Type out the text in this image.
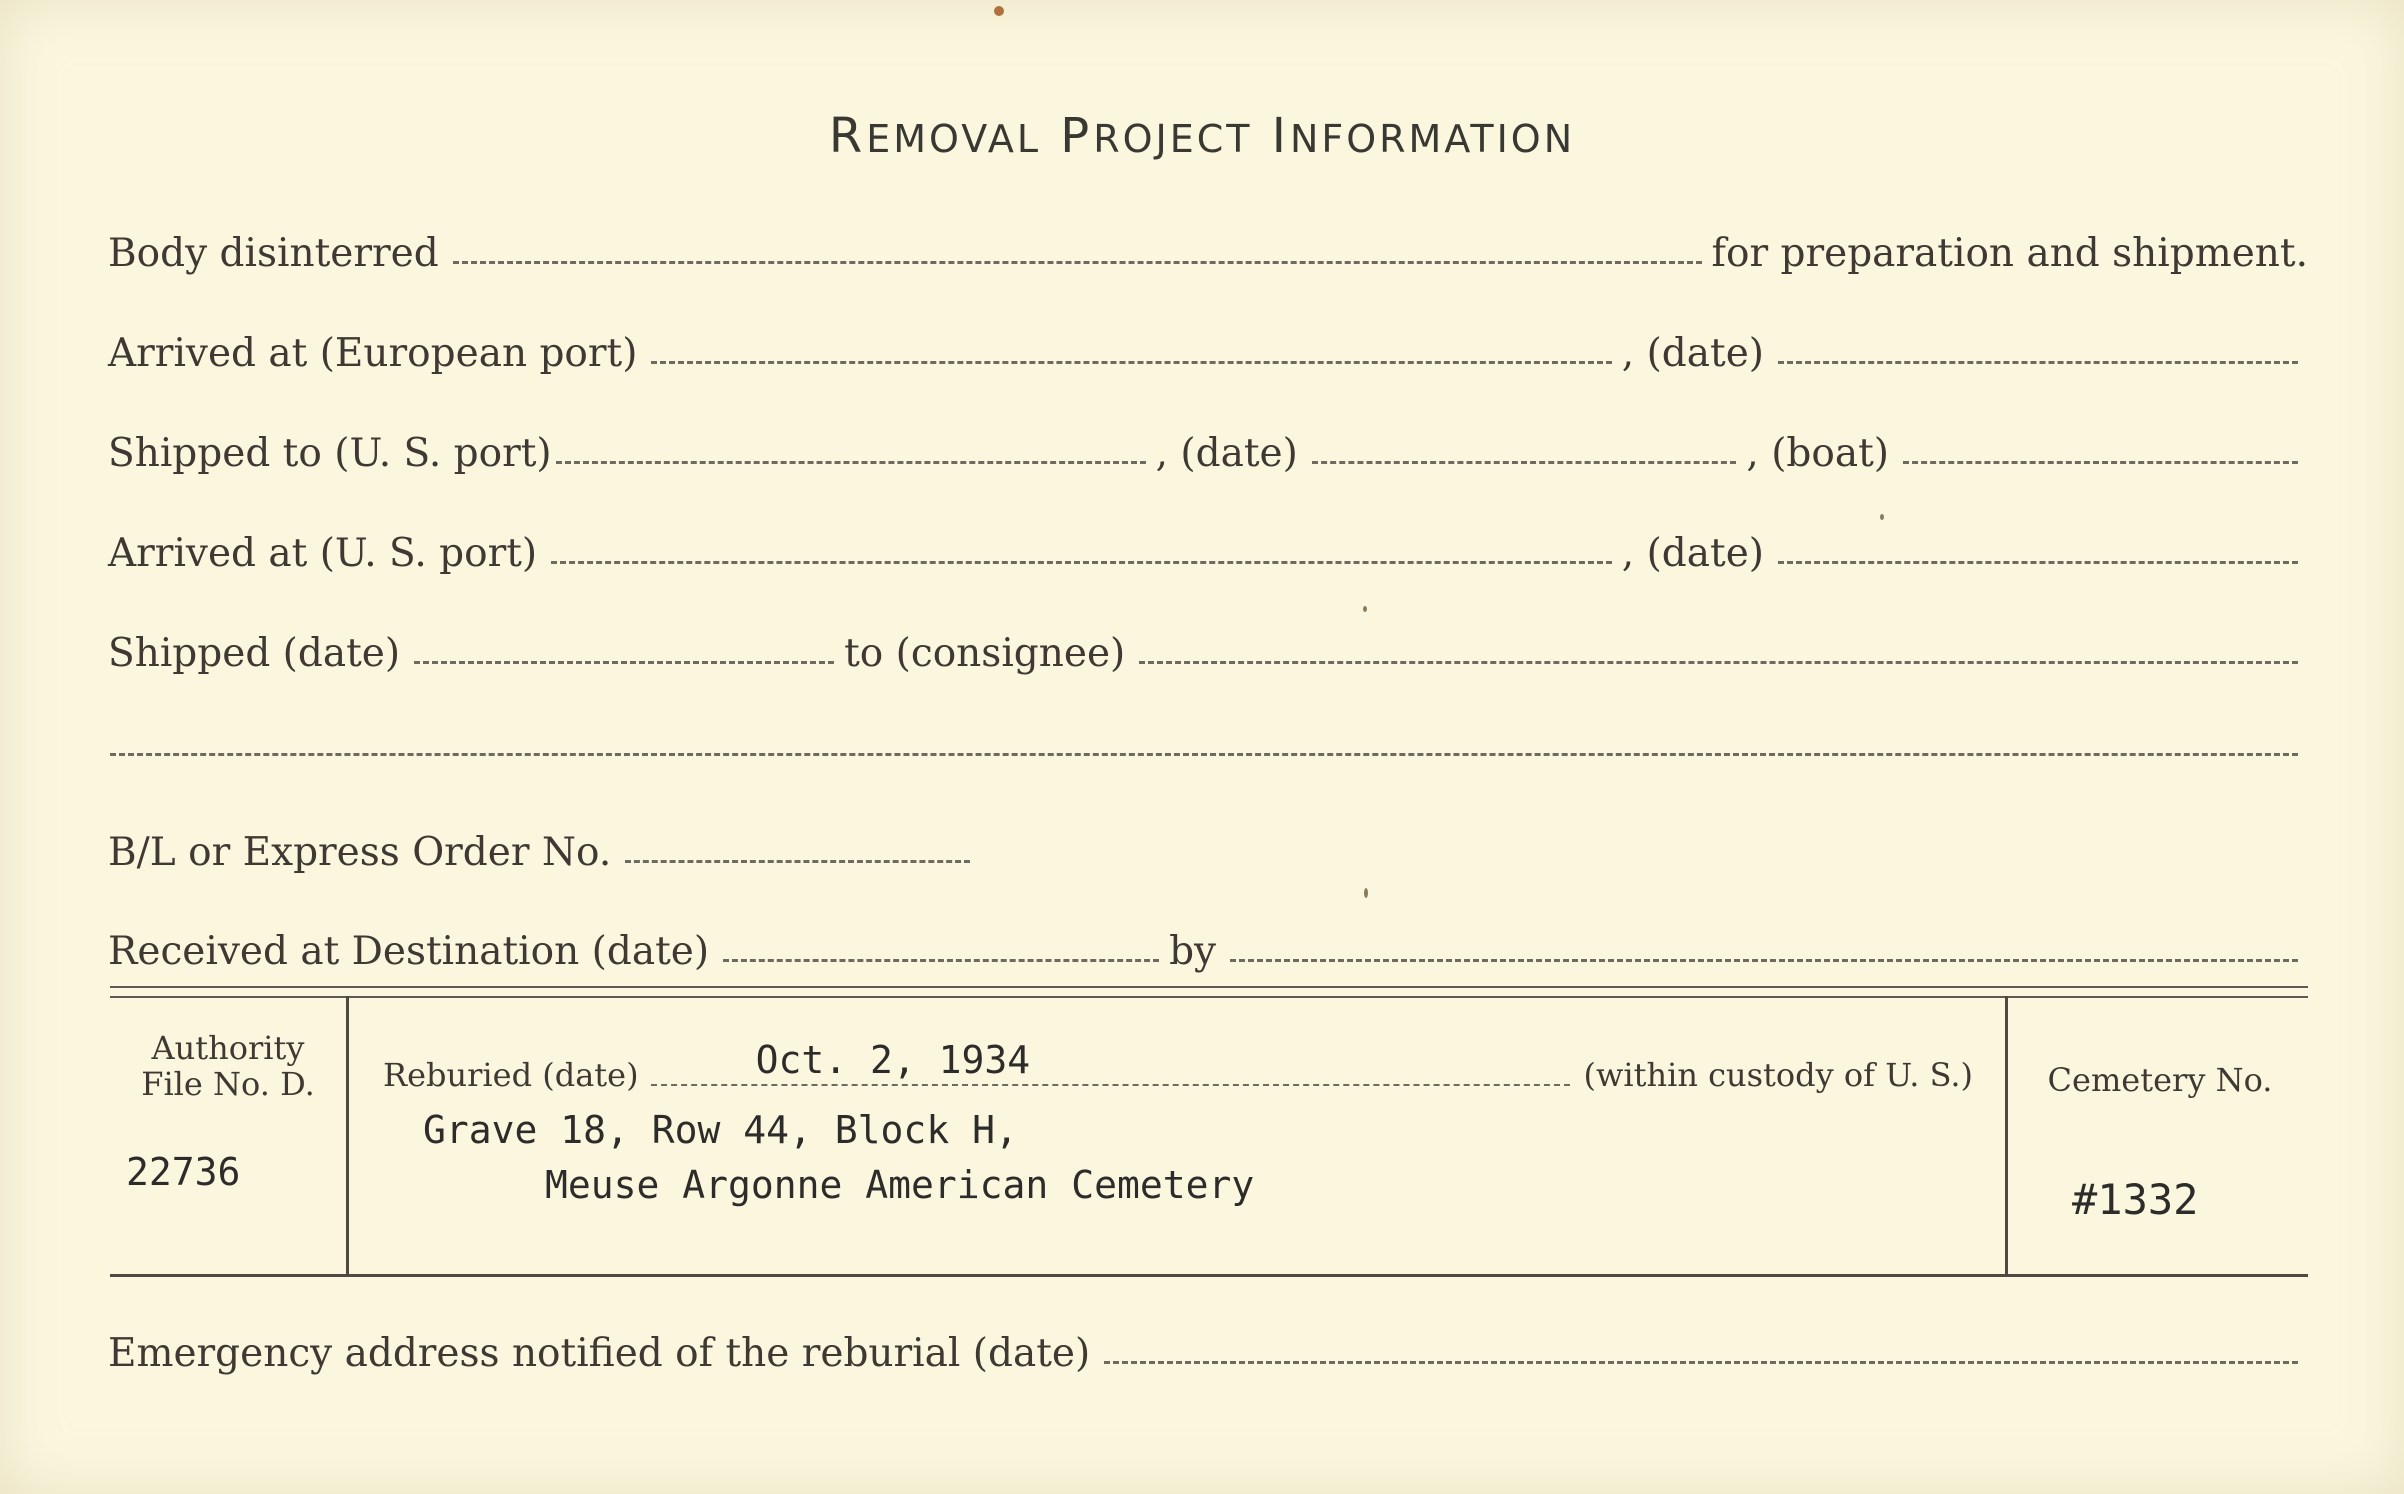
REMOVAL PROJECT INFORMATION
Body disinterred	for preparation and shipment.
Arrived at (European port)	, (date)
Shipped to (U. S. port)	, (date)	, (boat)
Arrived at (U. S. port)	, (date)
Shipped (date)	to (consignee)
B/L or Express Order No.
Received at Destination (date)	by
Authority
File No. D.
22736
Reburied (date)	Oct. 2, 1934	(within custody of U. S.)
Grave 18, Row 44, Block H,
Meuse Argonne American Cemetery
Cemetery No.
#1332
Emergency address notified of the reburial (date)
